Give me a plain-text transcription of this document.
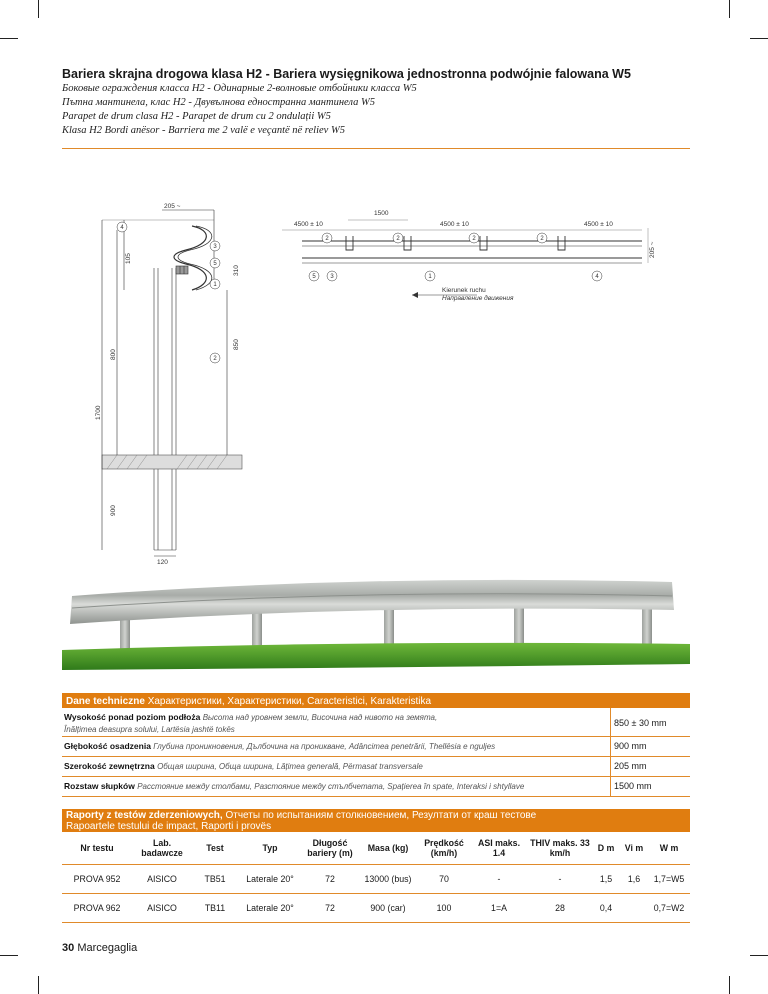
Bariera skrajna drogowa klasa H2 - Bariera wysięgnikowa jednostronna podwójnie falowana W5
Боковые ограждения класса H2 - Одинарные 2-волновые отбойники класса W5
Пътна мантинела, клас H2 - Двувълнова едностранна мантинела W5
Parapet de drum clasa H2 - Parapet de drum cu 2 ondulații W5
Klasa H2 Bordi anësor - Barriera me 2 valë e veçantë në reliev W5
205 ~
1500
4500 ± 10	4500 ± 10	4500 ± 10
205 ~
105
310
800
850
1700
900
120
4
3
5
1
2
2	2	2	2
5 3	1	4
Kierunek ruchu
Направление движения
Dane techniczne Характеристики, Характеристики, Caracteristici, Karakteristika
Wysokość ponad poziom podłoża Высота над уровнем земли, Височина над нивото на земята,
Înălțimea deasupra solului, Lartësia jashtë tokës
850 ± 30 mm
Głębokość osadzenia Глубина проникновения, Дълбочина на проникване, Adâncimea penetrării, Thellësia e nguljes	900 mm
Szerokość zewnętrzna Общая ширина, Обща ширина, Lățimea generală, Përmasat transversale	205 mm
Rozstaw słupków Расстояние между столбами, Разстояние между стълбчетата, Spațierea în spate, Interaksi i shtyllave	1500 mm
Raporty z testów zderzeniowych, Отчеты по испытаниям столкновением, Резултати от краш тестове
Rapoartele testului de impact, Raporti i provës
Nr testu	Lab. badawcze	Test	Typ	Długość bariery (m)	Masa (kg)	Prędkość (km/h)	ASI maks. 1.4	THIV maks. 33 km/h	D m	Vi m	W m
PROVA 952	AISICO	TB51	Laterale 20°	72	13000 (bus)	70	-	-	1,5	1,6	1,7=W5
PROVA 962	AISICO	TB11	Laterale 20°	72	900 (car)	100	1=A	28	0,4		0,7=W2
30 Marcegaglia
